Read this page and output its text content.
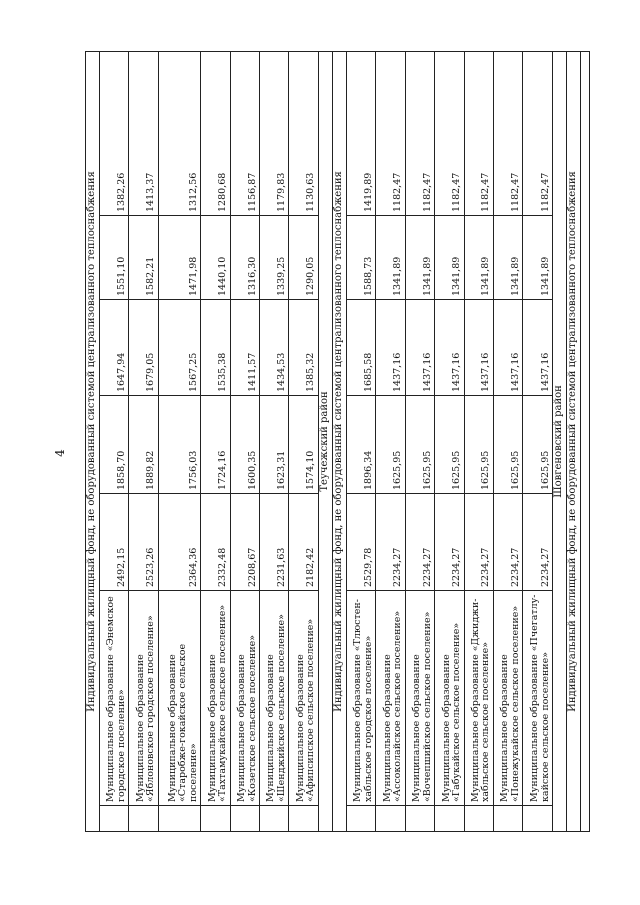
4 Индивидуальный жилищный фонд, не оборудованный системой централизованного теплоснабжения						
	Муниципальное образование «Энемское городское поселение»	2492,15	1858,70	1647,94	1551,10	1382,26
	Муниципальное образование «Яблоновское городское поселение»	2523,26	1889,82	1679,05	1582,21	1413,37
	Муниципальное образование «Старобже-гокайское сельское поселение»	2364,36	1756,03	1567,25	1471,98	1312,56
	Муниципальное образование «Тахтамукайское сельское поселение»	2332,48	1724,16	1535,38	1440,10	1280,68
	Муниципальное образование «Козетское сельское поселение»	2208,67	1600,35	1411,57	1316,30	1156,87
	Муниципальное образование «Шенджийское сельское поселение»	2231,63	1623,31	1434,53	1339,25	1179,83
	Муниципальное образование «Афипсипское сельское поселение»	2182,42	1574,10	1385,32	1290,05	1130,63
Теучежский район						
Индивидуальный жилищный фонд, не оборудованный системой централизованного теплоснабжения						
	Муниципальное образование «Тлюстен-хабльское городское поселение»	2529,78	1896,34	1685,58	1588,73	1419,89
	Муниципальное образование «Ассоколайское сельское поселение»	2234,27	1625,95	1437,16	1341,89	1182,47
	Муниципальное образование «Вочепшийское сельское поселение»	2234,27	1625,95	1437,16	1341,89	1182,47
	Муниципальное образование «Габукайское сельское поселение»	2234,27	1625,95	1437,16	1341,89	1182,47
	Муниципальное образование «Джиджи-хабльское сельское поселение»	2234,27	1625,95	1437,16	1341,89	1182,47
	Муниципальное образование «Понежукайское сельское поселение»	2234,27	1625,95	1437,16	1341,89	1182,47
	Муниципальное образование «Пчегатлу-кайское сельское поселение»	2234,27	1625,95	1437,16	1341,89	1182,47
Шовгеновский район						
Индивидуальный жилищный фонд, не оборудованный системой централизованного теплоснабжения						
